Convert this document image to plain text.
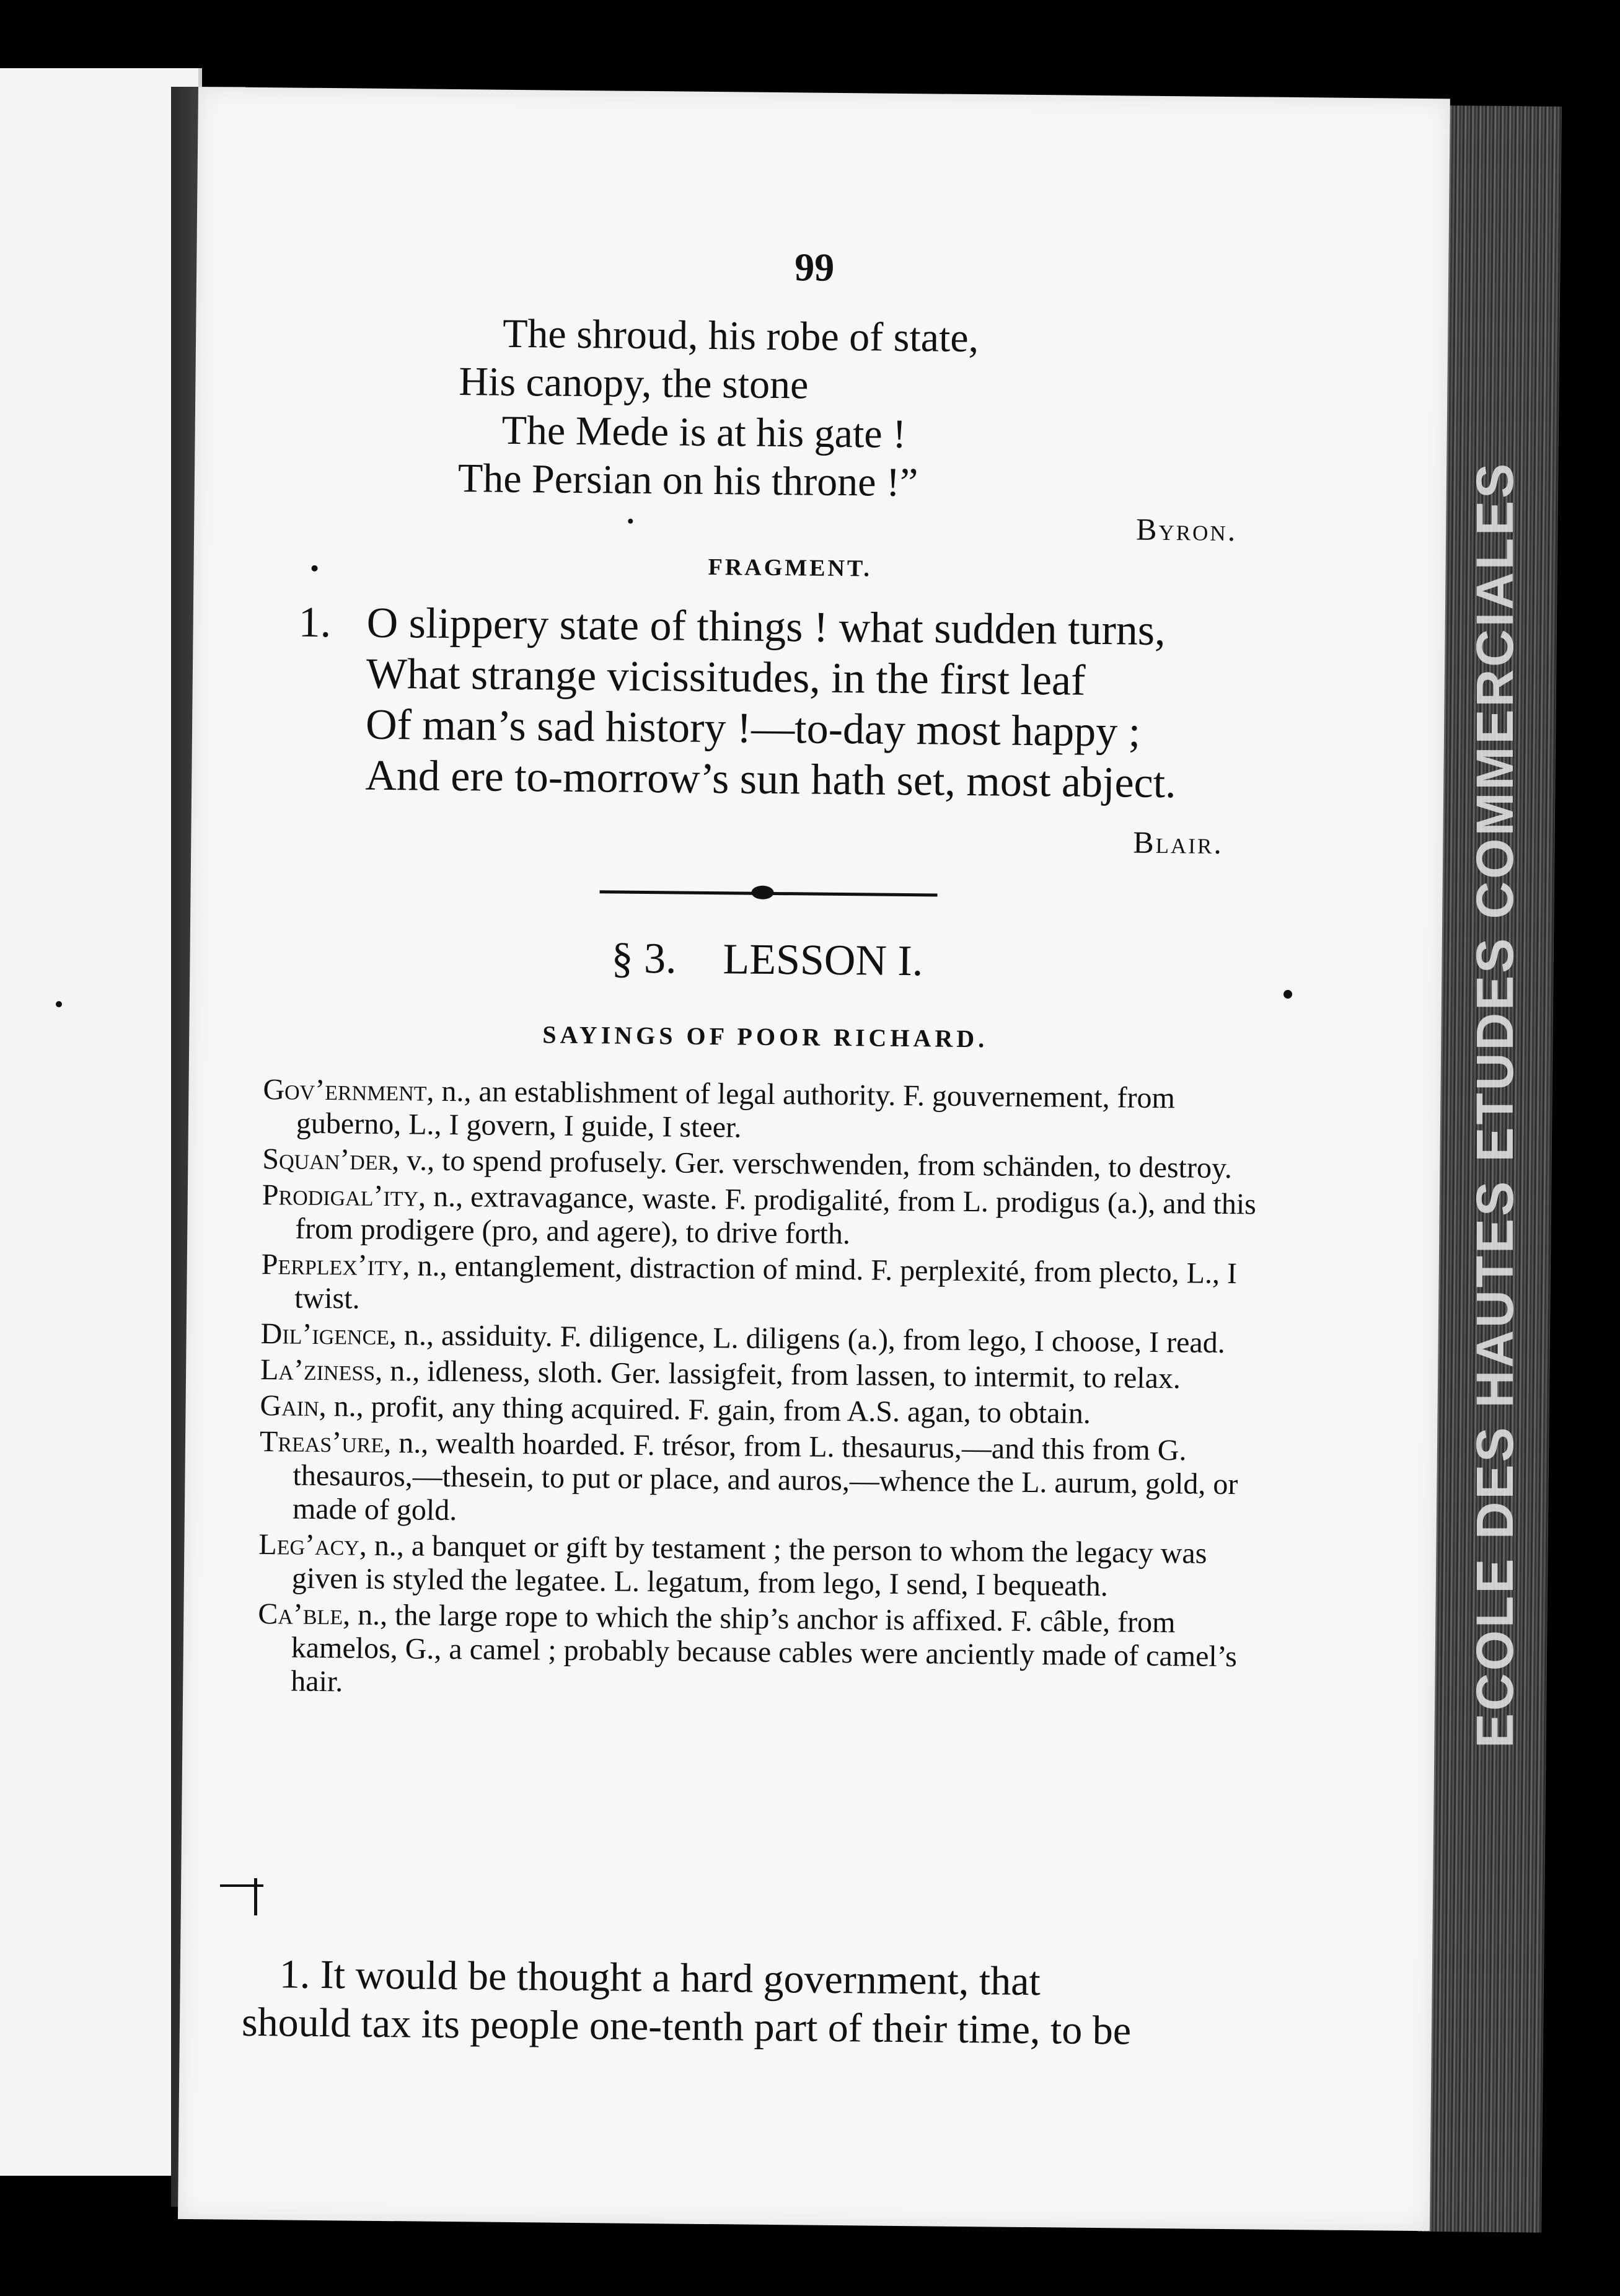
ECOLE DES HAUTES ETUDES COMMERCIALES
99
The shroud, his robe of state,
His canopy, the stone
The Mede is at his gate !
The Persian on his throne !”
Byron.
FRAGMENT.
1. O slippery state of things ! what sudden turns,
What strange vicissitudes, in the first leaf
Of man’s sad history !—to-day most happy ;
And ere to-morrow’s sun hath set, most abject.
Blair.
§ 3. LESSON I.
SAYINGS OF POOR RICHARD.
Gov’ernment, n., an establishment of legal authority. F. gouvernement, from guberno, L., I govern, I guide, I steer.
Squan’der, v., to spend profusely. Ger. verschwenden, from schänden, to destroy.
Prodigal’ity, n., extravagance, waste. F. prodigalité, from L. prodigus (a.), and this from prodigere (pro, and agere), to drive forth.
Perplex’ity, n., entanglement, distraction of mind. F. perplexité, from plecto, L., I twist.
Dil’igence, n., assiduity. F. diligence, L. diligens (a.), from lego, I choose, I read.
La’ziness, n., idleness, sloth. Ger. lassigfeit, from lassen, to intermit, to relax.
Gain, n., profit, any thing acquired. F. gain, from A.S. agan, to obtain.
Treas’ure, n., wealth hoarded. F. trésor, from L. thesaurus,—and this from G. thesauros,—thesein, to put or place, and auros,—whence the L. aurum, gold, or made of gold.
Leg’acy, n., a banquet or gift by testament ; the person to whom the legacy was given is styled the legatee. L. legatum, from lego, I send, I bequeath.
Ca’ble, n., the large rope to which the ship’s anchor is affixed. F. câble, from kamelos, G., a camel ; probably because cables were anciently made of camel’s hair.
1. It would be thought a hard government, that
should tax its people one-tenth part of their time, to be
